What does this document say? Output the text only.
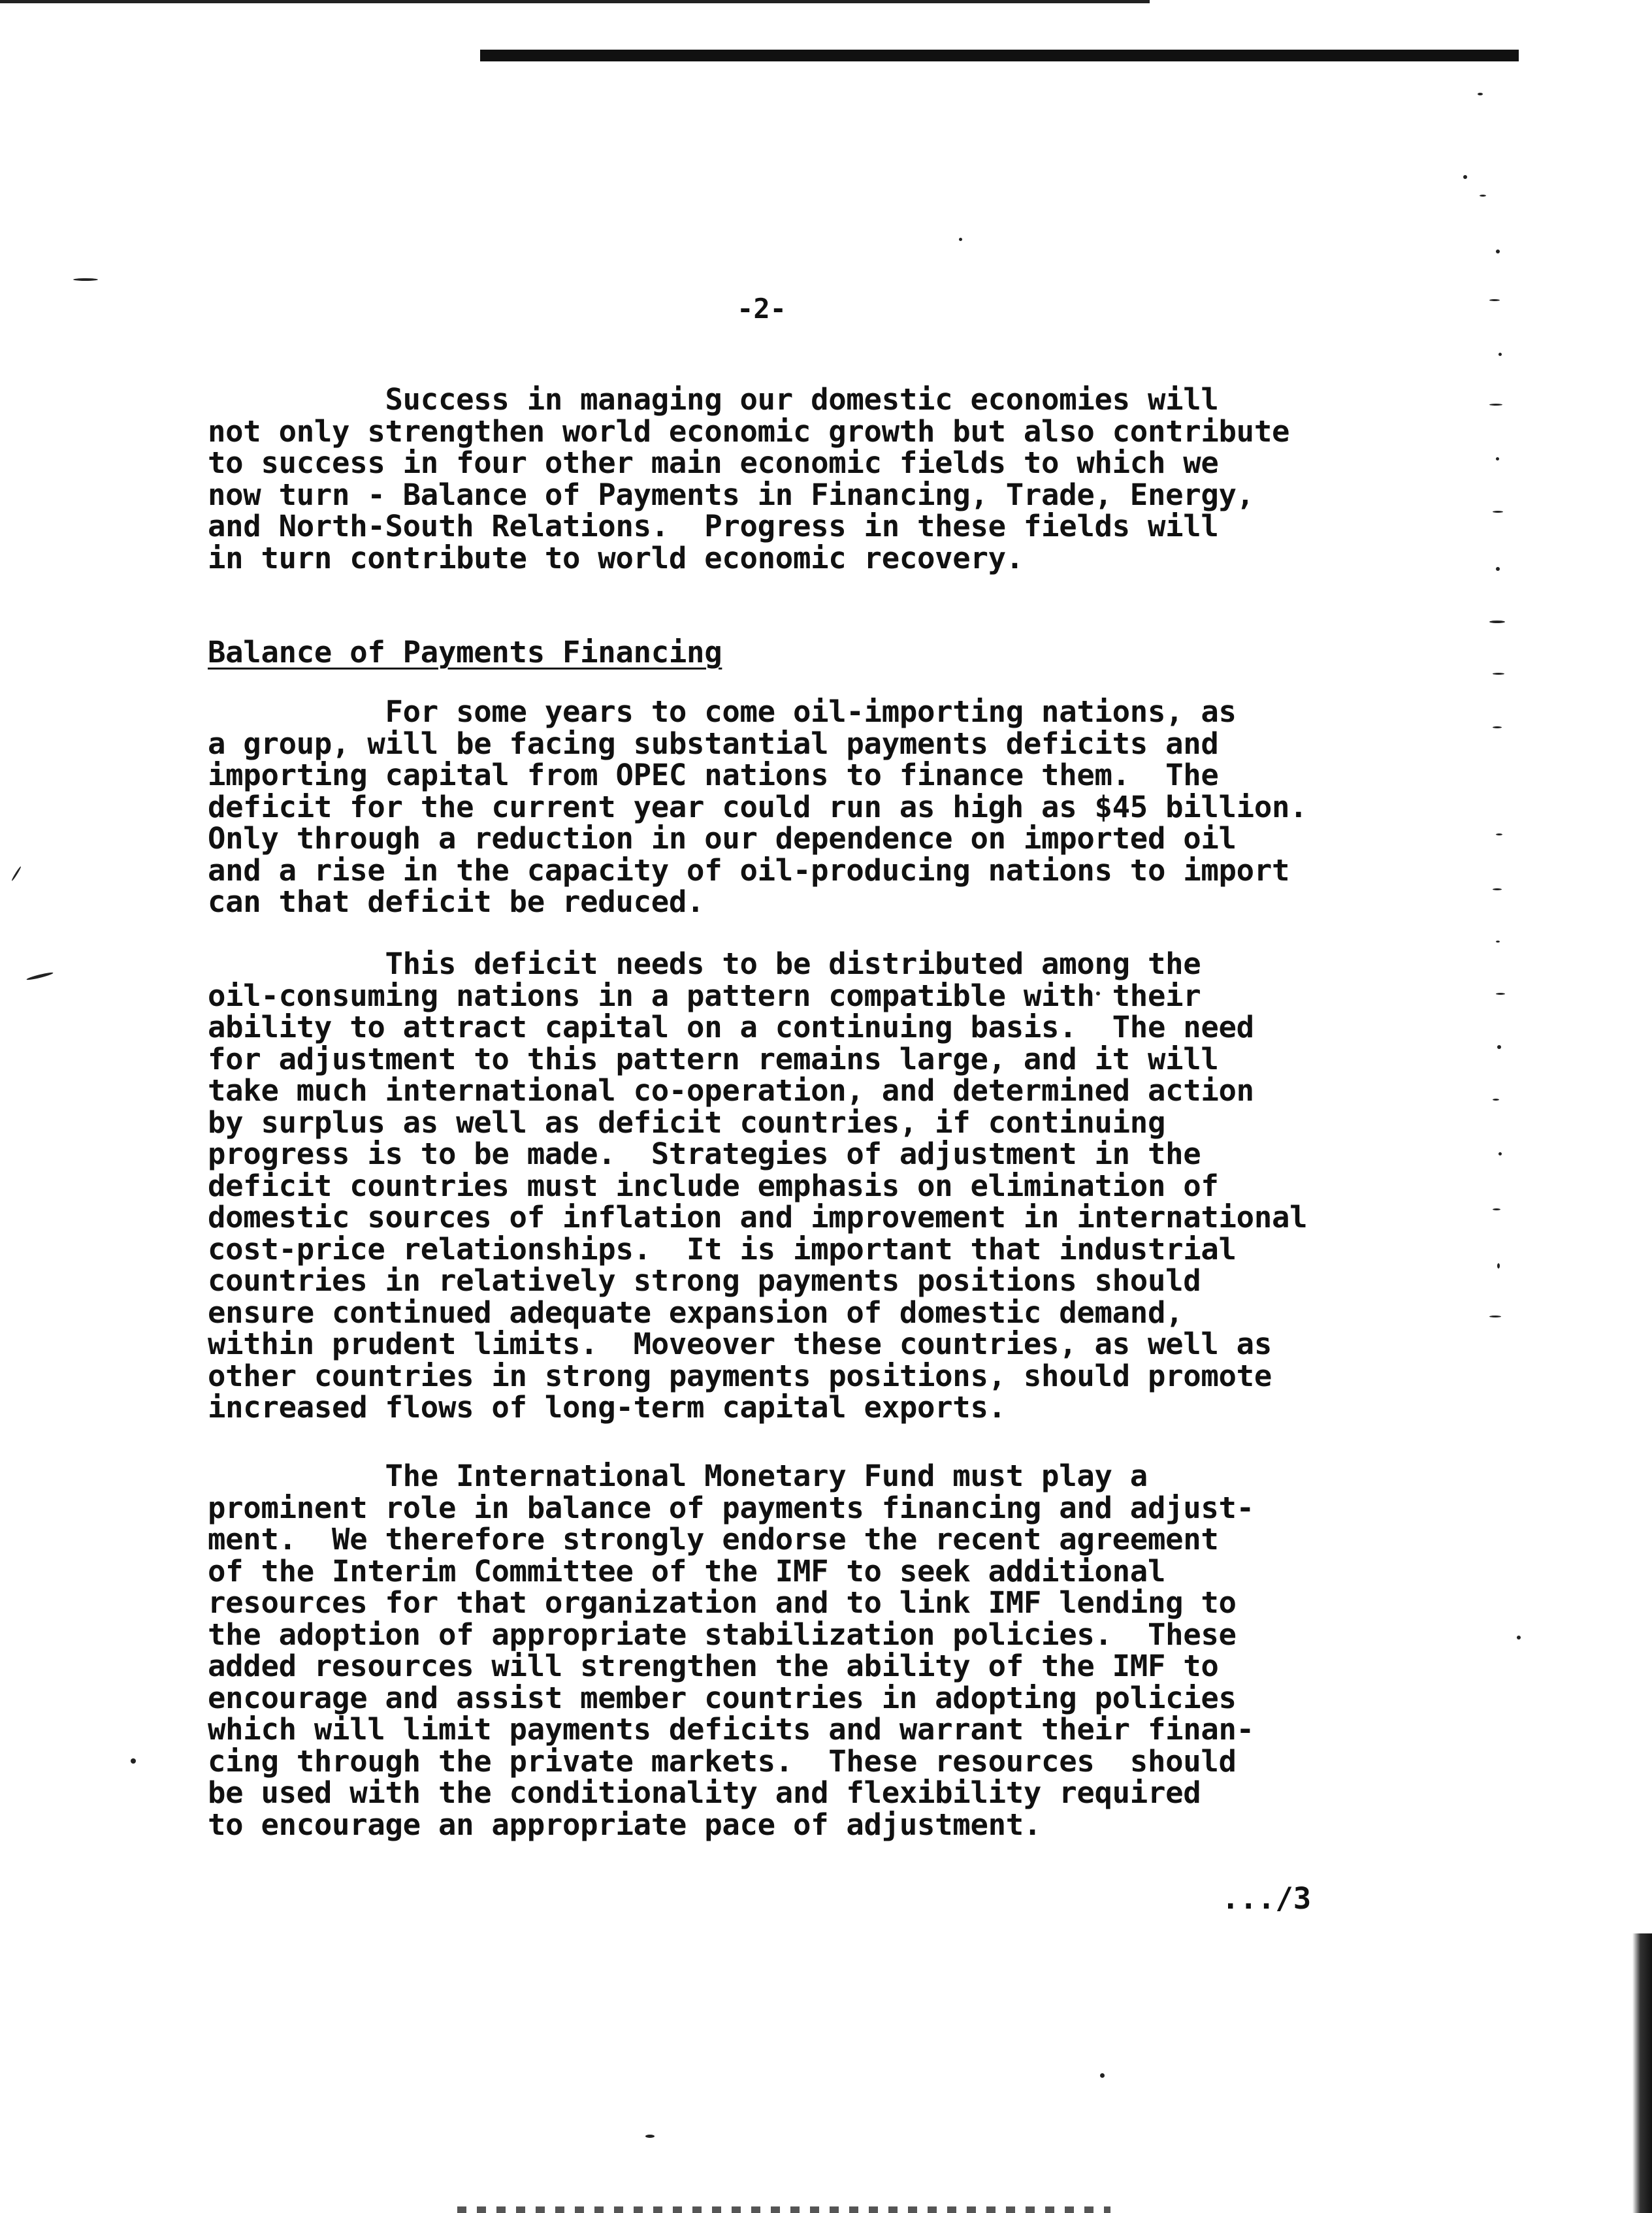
-2-
Success in managing our domestic economies will
not only strengthen world economic growth but also contribute
to success in four other main economic fields to which we
now turn - Balance of Payments in Financing, Trade, Energy,
and North-South Relations.  Progress in these fields will
in turn contribute to world economic recovery.
Balance of Payments Financing
For some years to come oil-importing nations, as
a group, will be facing substantial payments deficits and
importing capital from OPEC nations to finance them.  The
deficit for the current year could run as high as $45 billion.
Only through a reduction in our dependence on imported oil
and a rise in the capacity of oil-producing nations to import
can that deficit be reduced.
This deficit needs to be distributed among the
oil-consuming nations in a pattern compatible with their
ability to attract capital on a continuing basis.  The need
for adjustment to this pattern remains large, and it will
take much international co-operation, and determined action
by surplus as well as deficit countries, if continuing
progress is to be made.  Strategies of adjustment in the
deficit countries must include emphasis on elimination of
domestic sources of inflation and improvement in international
cost-price relationships.  It is important that industrial
countries in relatively strong payments positions should
ensure continued adequate expansion of domestic demand,
within prudent limits.  Moveover these countries, as well as
other countries in strong payments positions, should promote
increased flows of long-term capital exports.
The International Monetary Fund must play a
prominent role in balance of payments financing and adjust-
ment.  We therefore strongly endorse the recent agreement
of the Interim Committee of the IMF to seek additional
resources for that organization and to link IMF lending to
the adoption of appropriate stabilization policies.  These
added resources will strengthen the ability of the IMF to
encourage and assist member countries in adopting policies
which will limit payments deficits and warrant their finan-
cing through the private markets.  These resources  should
be used with the conditionality and flexibility required
to encourage an appropriate pace of adjustment.
.../3
